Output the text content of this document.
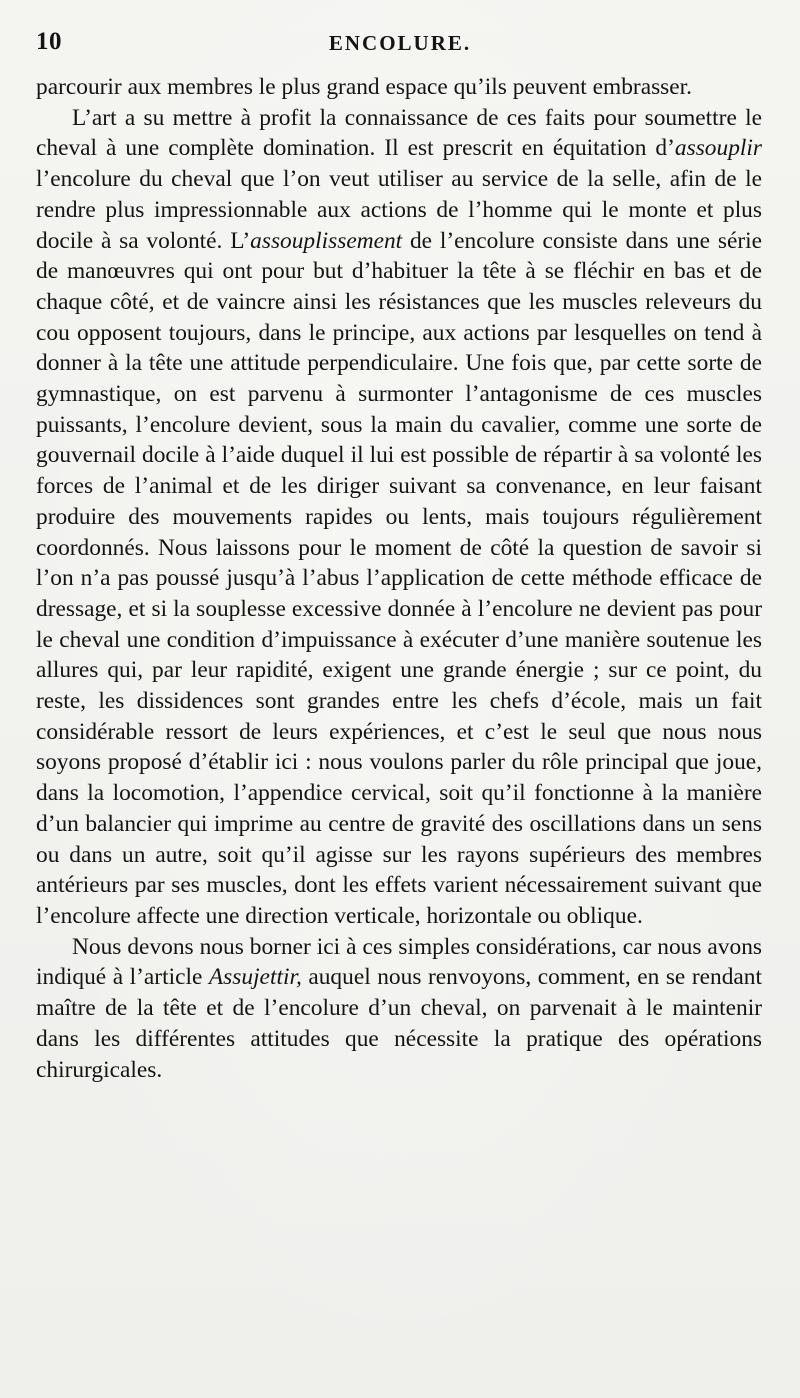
10	ENCOLURE.

parcourir aux membres le plus grand espace qu’ils peuvent embrasser.

L’art a su mettre à profit la connaissance de ces faits pour soumettre le cheval à une complète domination. Il est prescrit en équitation d’assouplir l’encolure du cheval que l’on veut utiliser au service de la selle, afin de le rendre plus impressionnable aux actions de l’homme qui le monte et plus docile à sa volonté. L’assouplissement de l’encolure consiste dans une série de manœuvres qui ont pour but d’habituer la tête à se fléchir en bas et de chaque côté, et de vaincre ainsi les résistances que les muscles releveurs du cou opposent toujours, dans le principe, aux actions par lesquelles on tend à donner à la tête une attitude perpendiculaire. Une fois que, par cette sorte de gymnastique, on est parvenu à surmonter l’antagonisme de ces muscles puissants, l’encolure devient, sous la main du cavalier, comme une sorte de gouvernail docile à l’aide duquel il lui est possible de répartir à sa volonté les forces de l’animal et de les diriger suivant sa convenance, en leur faisant produire des mouvements rapides ou lents, mais toujours régulièrement coordonnés. Nous laissons pour le moment de côté la question de savoir si l’on n’a pas poussé jusqu’à l’abus l’application de cette méthode efficace de dressage, et si la souplesse excessive donnée à l’encolure ne devient pas pour le cheval une condition d’impuissance à exécuter d’une manière soutenue les allures qui, par leur rapidité, exigent une grande énergie ; sur ce point, du reste, les dissidences sont grandes entre les chefs d’école, mais un fait considérable ressort de leurs expériences, et c’est le seul que nous nous soyons proposé d’établir ici : nous voulons parler du rôle principal que joue, dans la locomotion, l’appendice cervical, soit qu’il fonctionne à la manière d’un balancier qui imprime au centre de gravité des oscillations dans un sens ou dans un autre, soit qu’il agisse sur les rayons supérieurs des membres antérieurs par ses muscles, dont les effets varient nécessairement suivant que l’encolure affecte une direction verticale, horizontale ou oblique.

Nous devons nous borner ici à ces simples considérations, car nous avons indiqué à l’article Assujettir, auquel nous renvoyons, comment, en se rendant maître de la tête et de l’encolure d’un cheval, on parvenait à le maintenir dans les différentes attitudes que nécessite la pratique des opérations chirurgicales.
